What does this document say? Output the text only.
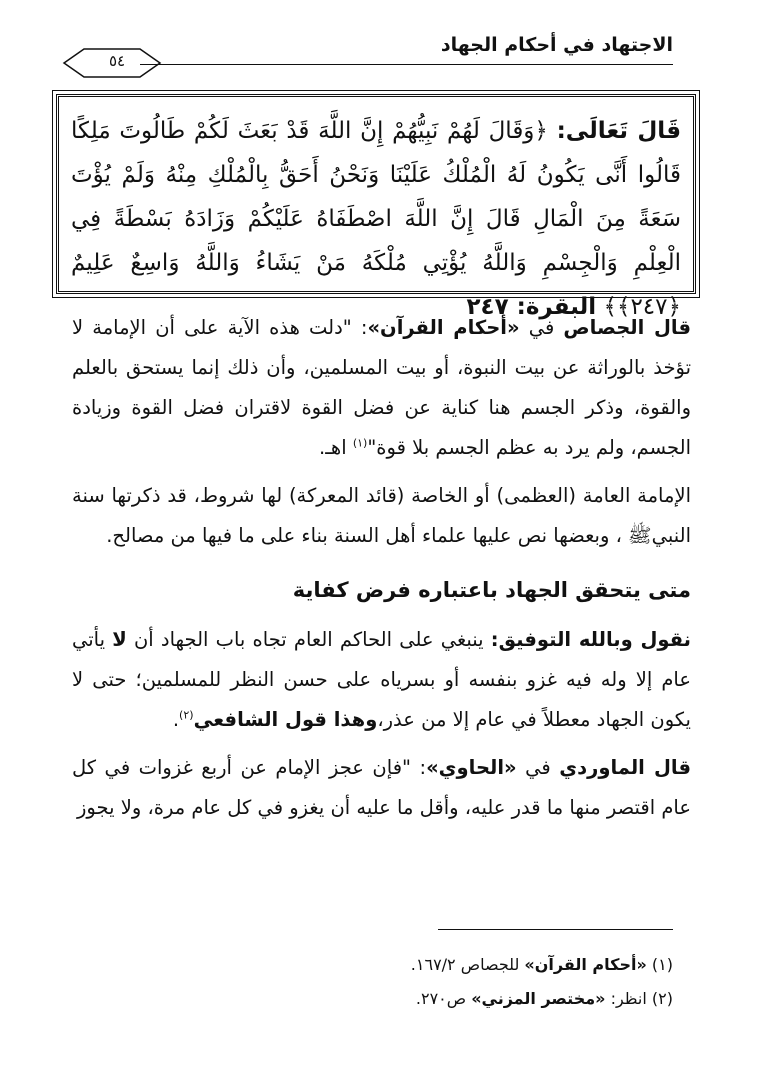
الاجتهاد في أحكام الجهاد
٥٤
قَالَ تَعَالَى: ﴿وَقَالَ لَهُمْ نَبِيُّهُمْ إِنَّ اللَّهَ قَدْ بَعَثَ لَكُمْ طَالُوتَ مَلِكًا قَالُوا أَنَّى يَكُونُ لَهُ الْمُلْكُ عَلَيْنَا وَنَحْنُ أَحَقُّ بِالْمُلْكِ مِنْهُ وَلَمْ يُؤْتَ سَعَةً مِنَ الْمَالِ قَالَ إِنَّ اللَّهَ اصْطَفَاهُ عَلَيْكُمْ وَزَادَهُ بَسْطَةً فِي الْعِلْمِ وَالْجِسْمِ وَاللَّهُ يُؤْتِي مُلْكَهُ مَنْ يَشَاءُ وَاللَّهُ وَاسِعٌ عَلِيمٌ ﴿٢٤٧﴾﴾ البقرة: ٢٤٧

قال الجصاص في «أحكام القرآن»: "دلت هذه الآية على أن الإمامة لا تؤخذ بالوراثة عن بيت النبوة، أو بيت المسلمين، وأن ذلك إنما يستحق بالعلم والقوة، وذكر الجسم هنا كناية عن فضل القوة لاقتران فضل القوة وزيادة الجسم، ولم يرد به عظم الجسم بلا قوة"$^{(١)}$ اهـ.

الإمامة العامة (العظمى) أو الخاصة (قائد المعركة) لها شروط، قد ذكرتها سنة النبيﷺ ، وبعضها نص عليها علماء أهل السنة بناء على ما فيها من مصالح.

متى يتحقق الجهاد باعتباره فرض كفاية

نقول وبالله التوفيق: ينبغي على الحاكم العام تجاه باب الجهاد أن لا يأتي عام إلا وله فيه غزو بنفسه أو بسرياه على حسن النظر للمسلمين؛ حتى لا يكون الجهاد معطلاً في عام إلا من عذر،وهذا قول الشافعي$^{(٢)}$.

قال الماوردي في «الحاوي»: "فإن عجز الإمام عن أربع غزوات في كل عام اقتصر منها ما قدر عليه، وأقل ما عليه أن يغزو في كل عام مرة، ولا يجوز

(١) «أحكام القرآن» للجصاص ١٦٧/٢.

(٢) انظر: «مختصر المزني» ص٢٧٠.
